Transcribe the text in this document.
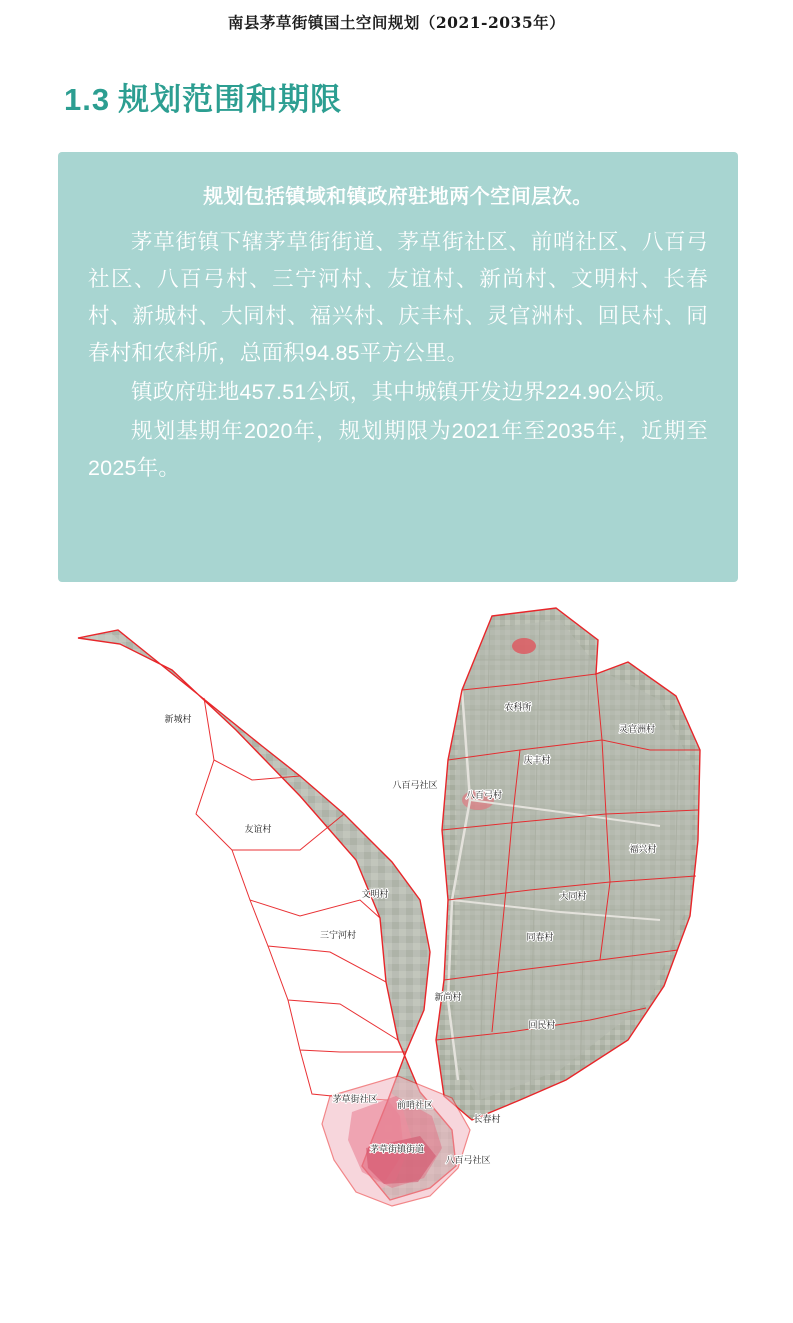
南县茅草街镇国土空间规划（2021-2035年）
1.3 规划范围和期限
规划包括镇域和镇政府驻地两个空间层次。

茅草街镇下辖茅草街街道、茅草街社区、前哨社区、八百弓社区、八百弓村、三宁河村、友谊村、新尚村、文明村、长春村、新城村、大同村、福兴村、庆丰村、灵官洲村、回民村、同春村和农科所，总面积94.85平方公里。

镇政府驻地457.51公顷，其中城镇开发边界224.90公顷。

规划基期年2020年，规划期限为2021年至2035年，近期至2025年。

新城村
友谊村
文明村
三宁河村
农科所
灵官洲村
庆丰村
八百弓社区
八百弓村
福兴村
大同村
同春村
新尚村
回民村
茅草街社区
前哨社区
长春村
茅草街镇街道
八百弓社区
